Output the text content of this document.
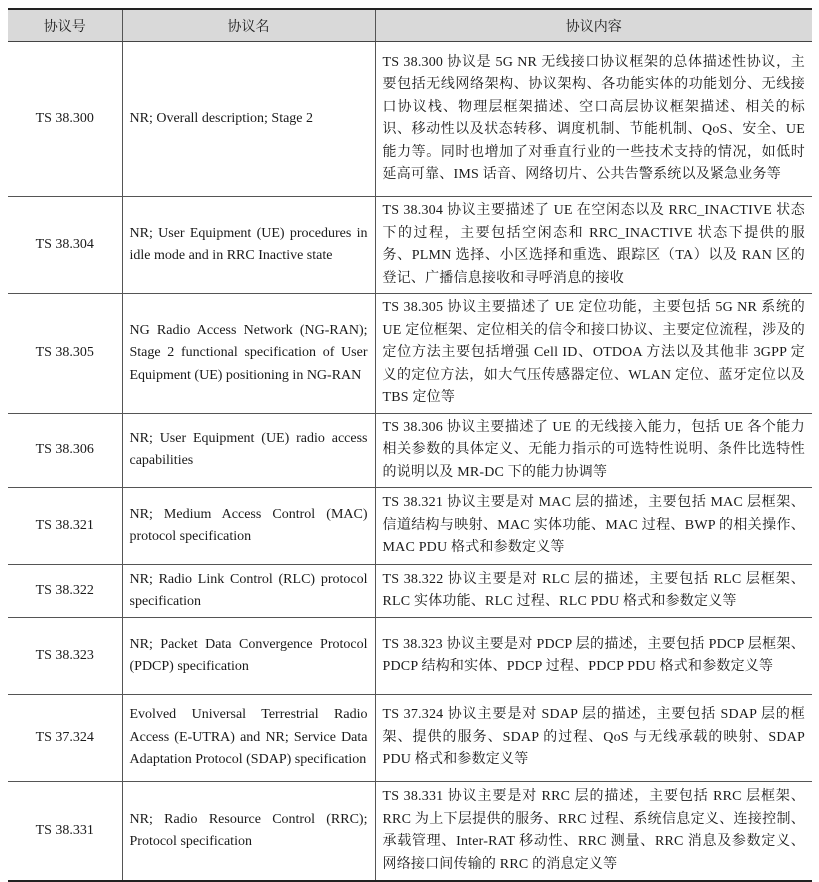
协议号	协议名	协议内容
TS 38.300	NR; Overall description; Stage 2	TS 38.300 协议是 5G NR 无线接口协议框架的总体描述性协议，主要包括无线网络架构、协议架构、各功能实体的功能划分、无线接口协议栈、物理层框架描述、空口高层协议框架描述、相关的标识、移动性以及状态转移、调度机制、节能机制、QoS、安全、UE 能力等。同时也增加了对垂直行业的一些技术支持的情况，如低时延高可靠、IMS 话音、网络切片、公共告警系统以及紧急业务等
TS 38.304	NR; User Equipment (UE) procedures in idle mode and in RRC Inactive state	TS 38.304 协议主要描述了 UE 在空闲态以及 RRC_INACTIVE 状态下的过程，主要包括空闲态和 RRC_INACTIVE 状态下提供的服务、PLMN 选择、小区选择和重选、跟踪区（TA）以及 RAN 区的登记、广播信息接收和寻呼消息的接收
TS 38.305	NG Radio Access Network (NG-RAN); Stage 2 functional specification of User Equipment (UE) positioning in NG-RAN	TS 38.305 协议主要描述了 UE 定位功能，主要包括 5G NR 系统的 UE 定位框架、定位相关的信令和接口协议、主要定位流程，涉及的定位方法主要包括增强 Cell ID、OTDOA 方法以及其他非 3GPP 定义的定位方法，如大气压传感器定位、WLAN 定位、蓝牙定位以及 TBS 定位等
TS 38.306	NR; User Equipment (UE) radio access capabilities	TS 38.306 协议主要描述了 UE 的无线接入能力，包括 UE 各个能力相关参数的具体定义、无能力指示的可选特性说明、条件比选特性的说明以及 MR-DC 下的能力协调等
TS 38.321	NR; Medium Access Control (MAC) protocol specification	TS 38.321 协议主要是对 MAC 层的描述，主要包括 MAC 层框架、信道结构与映射、MAC 实体功能、MAC 过程、BWP 的相关操作、MAC PDU 格式和参数定义等
TS 38.322	NR; Radio Link Control (RLC) protocol specification	TS 38.322 协议主要是对 RLC 层的描述，主要包括 RLC 层框架、RLC 实体功能、RLC 过程、RLC PDU 格式和参数定义等
TS 38.323	NR; Packet Data Convergence Protocol (PDCP) specification	TS 38.323 协议主要是对 PDCP 层的描述，主要包括 PDCP 层框架、PDCP 结构和实体、PDCP 过程、PDCP PDU 格式和参数定义等
TS 37.324	Evolved Universal Terrestrial Radio Access (E-UTRA) and NR; Service Data Adaptation Protocol (SDAP) specification	TS 37.324 协议主要是对 SDAP 层的描述，主要包括 SDAP 层的框架、提供的服务、SDAP 的过程、QoS 与无线承载的映射、SDAP PDU 格式和参数定义等
TS 38.331	NR; Radio Resource Control (RRC); Protocol specification	TS 38.331 协议主要是对 RRC 层的描述，主要包括 RRC 层框架、RRC 为上下层提供的服务、RRC 过程、系统信息定义、连接控制、承载管理、Inter-RAT 移动性、RRC 测量、RRC 消息及参数定义、网络接口间传输的 RRC 的消息定义等
